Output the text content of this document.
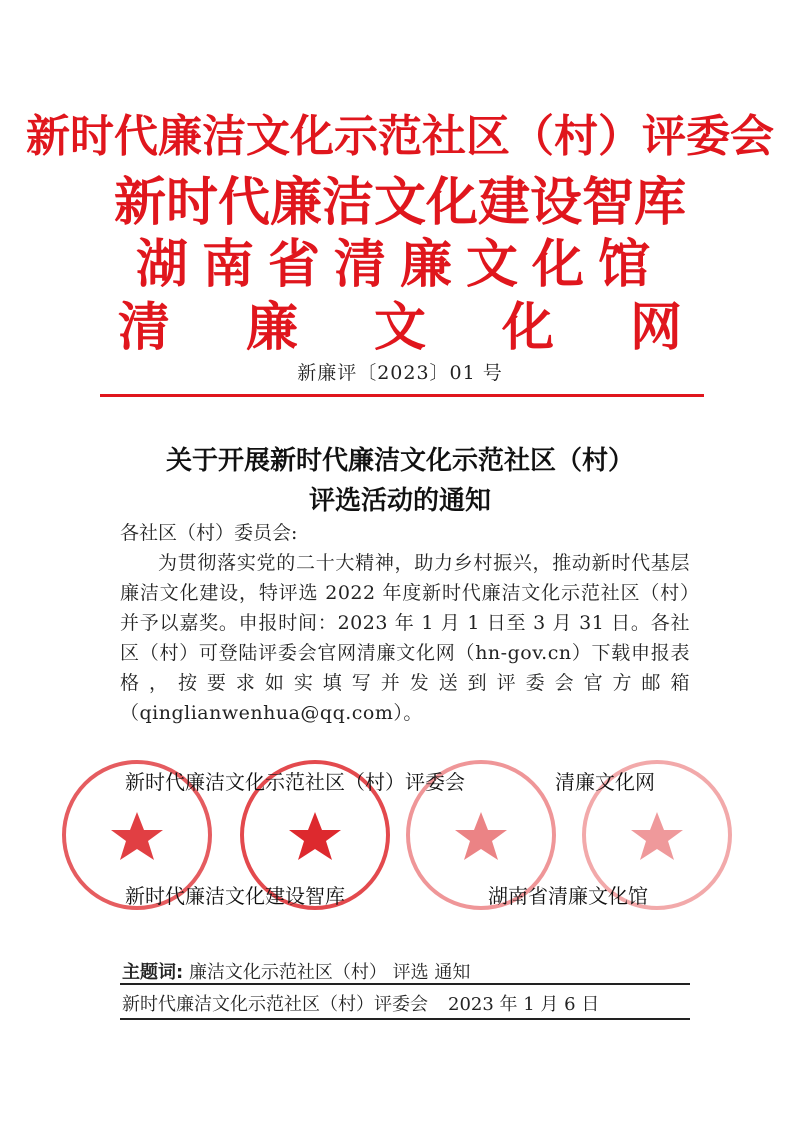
新时代廉洁文化示范社区（村）评委会
新时代廉洁文化建设智库
湖南省清廉文化馆
清 廉 文 化 网
新廉评〔2023〕01 号
关于开展新时代廉洁文化示范社区（村）
评选活动的通知
各社区（村）委员会:
为贯彻落实党的二十大精神，助力乡村振兴，推动新时代基层廉洁文化建设，特评选 2022 年度新时代廉洁文化示范社区（村）并予以嘉奖。申报时间：2023 年 1 月 1 日至 3 月 31 日。各社区（村）可登陆评委会官网清廉文化网（hn-gov.cn）下载申报表格，按要求如实填写并发送到评委会官方邮箱（qinglianwenhua@qq.com）。
新时代廉洁文化示范社区（村）评委会	清廉文化网
新时代廉洁文化建设智库	湖南省清廉文化馆
主题词: 廉洁文化示范社区（村） 评选 通知
新时代廉洁文化示范社区（村）评委会 2023 年 1 月 6 日
